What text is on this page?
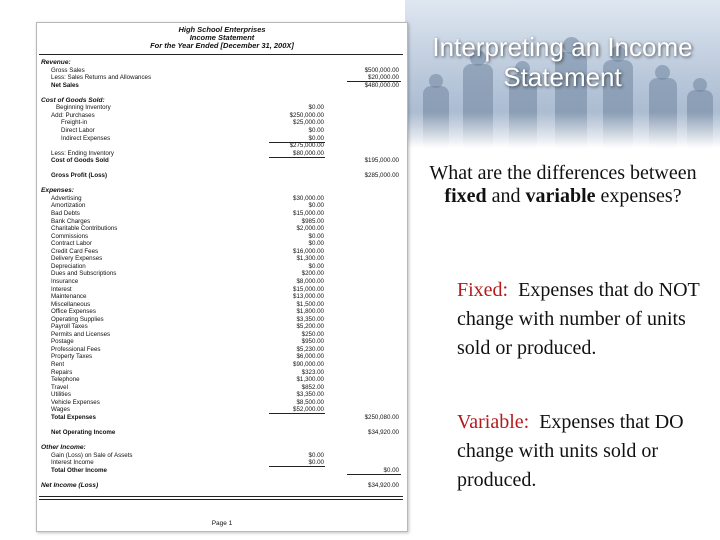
Interpreting an Income Statement
High School Enterprises
Income Statement
For the Year Ended [December 31, 200X]
Revenue:
Gross Sales	$500,000.00
Less: Sales Returns and Allowances	$20,000.00
Net Sales	$480,000.00
Cost of Goods Sold:
Beginning Inventory	$0.00
Add: Purchases	$250,000.00
Freight-in	$25,000.00
Direct Labor	$0.00
Indirect Expenses	$0.00
$275,000.00
Less: Ending Inventory	$80,000.00
Cost of Goods Sold	$195,000.00
Gross Profit (Loss)	$285,000.00
Expenses:
Advertising	$30,000.00
Amortization	$0.00
Bad Debts	$15,000.00
Bank Charges	$985.00
Charitable Contributions	$2,000.00
Commissions	$0.00
Contract Labor	$0.00
Credit Card Fees	$16,000.00
Delivery Expenses	$1,300.00
Depreciation	$0.00
Dues and Subscriptions	$200.00
Insurance	$8,000.00
Interest	$15,000.00
Maintenance	$13,000.00
Miscellaneous	$1,500.00
Office Expenses	$1,800.00
Operating Supplies	$3,350.00
Payroll Taxes	$5,200.00
Permits and Licenses	$250.00
Postage	$950.00
Professional Fees	$5,230.00
Property Taxes	$6,000.00
Rent	$90,000.00
Repairs	$323.00
Telephone	$1,300.00
Travel	$852.00
Utilities	$3,350.00
Vehicle Expenses	$8,500.00
Wages	$52,000.00
Total Expenses	$250,080.00
Net Operating Income	$34,920.00
Other Income:
Gain (Loss) on Sale of Assets	$0.00
Interest Income	$0.00
Total Other Income	$0.00
Net Income (Loss)	$34,920.00
Page 1
What are the differences between fixed and variable expenses?
Fixed: Expenses that do NOT change with number of units sold or produced.
Variable: Expenses that DO change with units sold or produced.
